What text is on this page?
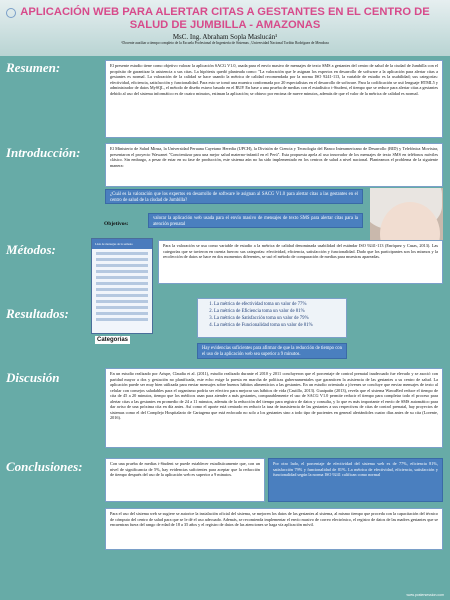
APLICACIÓN WEB PARA ALERTAR CITAS A GESTANTES EN EL CENTRO DE SALUD DE JUMBILLA - AMAZONAS
MsC. Ing. Abraham Sopla Maslucán¹
¹Docente auxiliar a tiempo completo de la Escuela Profesional de Ingeniería de Sistemas , Universidad Nacional Toribio Rodríguez de Mendoza
Resumen:	El presente estudio tiene como objetivo valorar la aplicación SACG V1.0, usada para el envío masivo de mensajes de texto SMS a gestantes del centro de salud de la ciudad de Jumbilla con el propósito de garantizar la asistencia a sus citas. La hipótesis quedó planteada como: "La valoración que le asignan los expertos en desarrollo de software a la aplicación para alertar citas a gestantes es normal. La valoración de la calidad se hace usando la métrica de calidad recomendada por la norma ISO 9241-113, la variable de estudio es la usabilidad; sus categorías: efectividad, eficiencia, satisfacción y funcionalidad. Para esto se tomó una muestra conformada por 20 especialistas en el desarrollo de software. Para la codificación se usó lenguaje HTML5 y administrador de datos MySQL, el método de diseño estuvo basado en el RUP. En base a una prueba de medias con el estadístico t-Student, el tiempo que se reduce para alertar citas a gestantes debido al uso del sistema informático es de cuatro minutos, estiman la aplicación; se obtuvo por encima de nueve minutos, además de que el valor de la métrica de calidad es normal.
Introducción:	El Ministerio de Salud Minsa, la Universidad Peruana Cayetano Heredia (UPCH), la División de Ciencia y Tecnología del Banco Interamericano de Desarrollo (BID) y Telefónica Movistar, presentaron el proyecto Wawanet "Concientizar para una mejor salud materno-infantil en el Perú". Esta propuesta apela al uso innovador de los mensajes de texto SMS en teléfonos móviles clásico. Sin embargo, a pesar de estar en su fase de producción, este sistema aún no ha sido implementado en los centros de salud a nivel nacional. Planteamos el problema de la siguiente manera:
¿Cuál es la valoración que los expertos en desarrollo de software le asignan al SACG V1.0 para alertar citas a las gestantes en el centro de salud de la ciudad de Jumbilla?
Objetivos:
valorar la aplicación web usada para el envío masivo de mensajes de texto SMS para alertar citas para la atención prenatal
Métodos:	Lista de mensajes de la semana	Para la valoración se usa como variable de estudio a la métrica de calidad denominada usabilidad del estándar ISO 9241-113 (Enríquez y Casas, 2013). Las categorías que se tuvieron en cuenta fueron: sus categorías: efectividad, eficiencia, satisfacción y funcionalidad. Dado que los participantes son los mismos y la recolección de datos se hace en dos momentos diferentes, se usó el método de comparación de medias para muestras apareadas.
Resultados:
Categorías
1. La métrica de efectividad toma un valor de 77%
2. La métrica de Eficiencia toma un valor de 81%
3. La métrica de Satisfacción toma un valor de 79%
4. La métrica de Funcionalidad toma un valor de 81%
Hay evidencias suficientes para afirmar de que la reducción de tiempo con el uso de la aplicación web sea superior a 9 minutos.
Discusión	En un estudio realizado por Arispe, Claudia et al. (2011), estudio realizado durante el 2010 y 2011 concluyeron que el porcentaje de control prenatal inadecuado fue elevado y se asoció con paridad mayor a dos y gestación no planificada, este echo exige la puesta en marcha de políticas gubernamentales que garanticen la asistencia de las gestantes a su centro de salud. La aplicación puede ser muy bien utilizada para enviar mensajes sobre buenos hábitos alimenticios a las gestantes. En un estudio orientado a jóvenes se concluye que enviar mensajes de texto al celular con consejos saludables para el organismo podría ser efectivo para mejorar sus hábitos de vida (Castillo, 2013). Guaipatín (2013), revela que el sistema WawaRed reduce el tiempo de cita de 45 a 20 minutos, tiempo que los médicos usan para atender a más gestantes, comparablemente el uso de SACG V1.0 permite reducir el tiempo para completar todo el proceso para alertar citas a las gestantes en promedio de 24 a 11 minutos, además de la reducción del tiempo para registro de datos y consulta, y lo que es más importante el envío de SMS automático para dar aviso de una próxima cita en día antes. Así como el aporte está centrado en reducir la tasa de inasistencia de las gestantes a sus respectivas de citas de control prenatal, hay proyectos de sistemas como el del Complejo Hospitalario de Cartagena que está enfocado no solo a los gestantes sino a todo tipo de pacientes en general alertándoles cuatro días antes de su cita (Lorente, 2016).
Conclusiones:	Con una prueba de medias t-Student se puede establecer estadísticamente que, con un nivel de significancia de 5%, hay evidencias suficientes para aceptar que la reducción de tiempo después del uso de la aplicación web es superior a 9 minutos.
Por otro lado, el porcentaje de efectividad del sistema web es de 77%, eficiencia 81%, satisfacción 79% y funcionalidad de 81%. La métrica de efectividad, eficiencia, satisfacción y funcionalidad según la norma ISO 9241 califican como normal
Para el uso del sistema web se sugiere se autorice la instalación oficial del sistema, se mejoren los datos de las gestantes al sistema, al mismo tiempo que proceda con la capacitación del técnico de cómputo del centro de salud para que se le dé el uso adecuado. Además, se recomienda implementar el envío masivo de correo electrónico, el registro de datos de las madres gestantes que se encuentran fuera del rango de edad de 18 a 35 años y el registro de datos de las atenciones se haga vía aplicación móvil.
www.postersession.com
